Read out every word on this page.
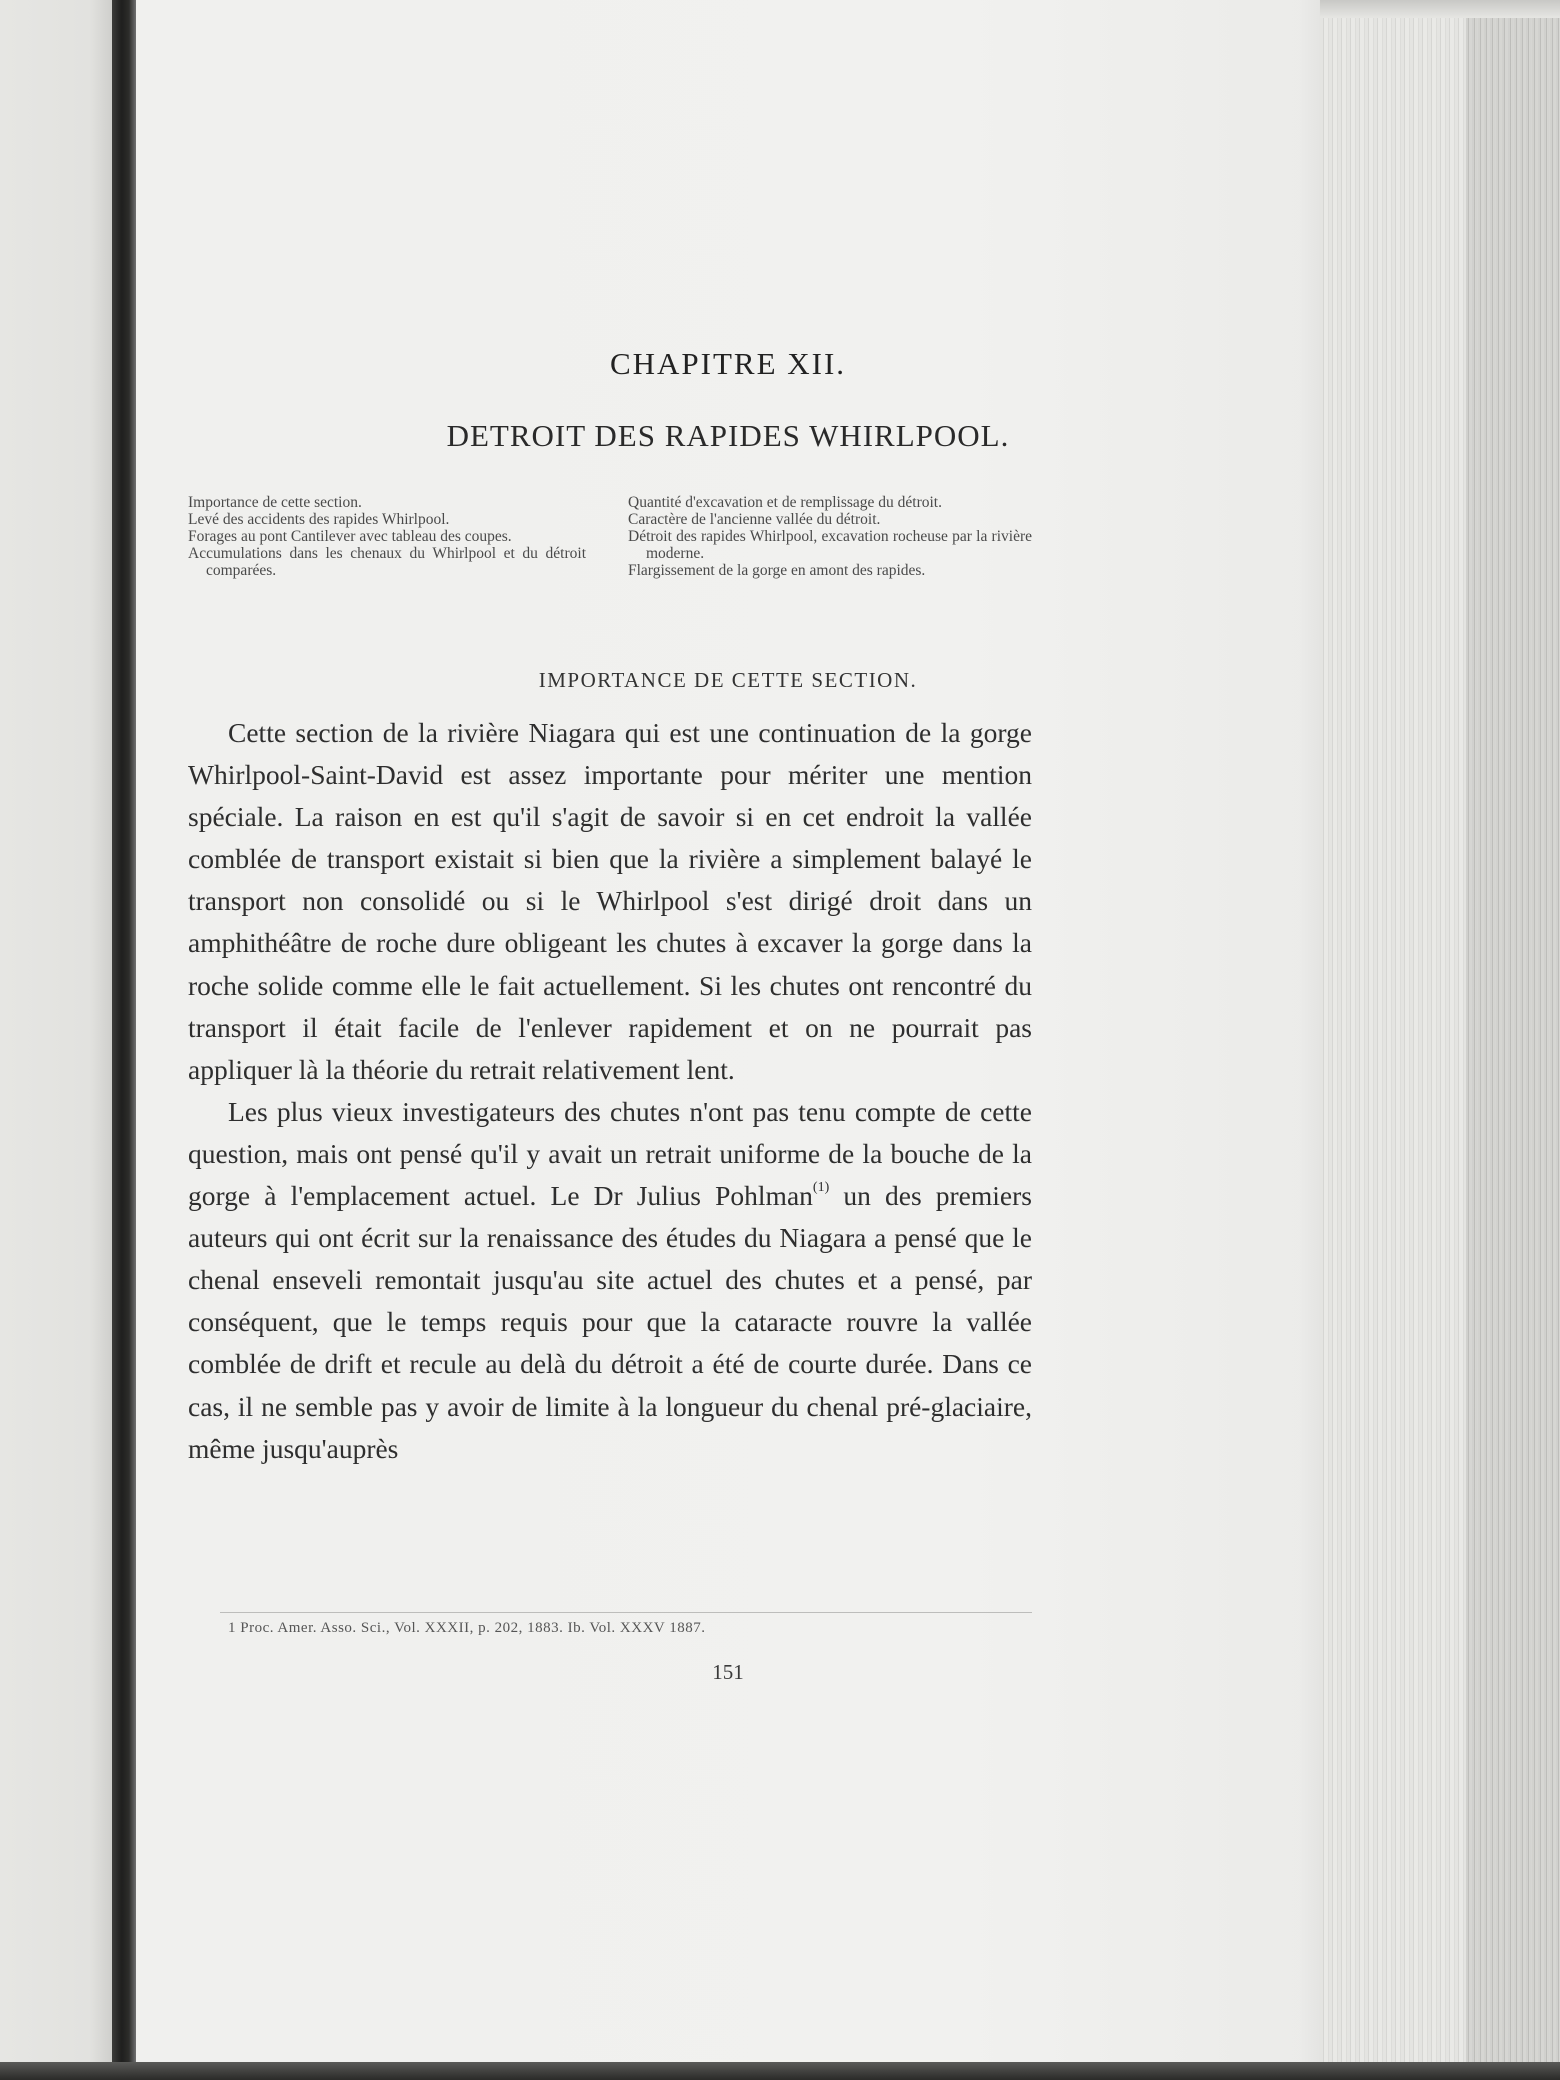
CHAPITRE XII.
DETROIT DES RAPIDES WHIRLPOOL.

Importance de cette section.

Levé des accidents des rapides Whirlpool.

Forages au pont Cantilever avec tableau des coupes.

Accumulations dans les chenaux du Whirlpool et du détroit comparées.

Quantité d'excavation et de remplissage du détroit.

Caractère de l'ancienne vallée du détroit.

Détroit des rapides Whirlpool, excavation rocheuse par la rivière moderne.

Flargissement de la gorge en amont des rapides.

IMPORTANCE DE CETTE SECTION.

Cette section de la rivière Niagara qui est une continuation de la gorge Whirlpool-Saint-David est assez importante pour mériter une mention spéciale. La raison en est qu'il s'agit de savoir si en cet endroit la vallée comblée de transport existait si bien que la rivière a simplement balayé le transport non consolidé ou si le Whirlpool s'est dirigé droit dans un amphithéâtre de roche dure obligeant les chutes à excaver la gorge dans la roche solide comme elle le fait actuellement. Si les chutes ont rencontré du transport il était facile de l'enlever rapidement et on ne pourrait pas appliquer là la théorie du retrait relativement lent.

Les plus vieux investigateurs des chutes n'ont pas tenu compte de cette question, mais ont pensé qu'il y avait un retrait uniforme de la bouche de la gorge à l'emplacement actuel. Le Dr Julius Pohlman$^{(1)}$ un des premiers auteurs qui ont écrit sur la renaissance des études du Niagara a pensé que le chenal enseveli remontait jusqu'au site actuel des chutes et a pensé, par conséquent, que le temps requis pour que la cataracte rouvre la vallée comblée de drift et recule au delà du détroit a été de courte durée. Dans ce cas, il ne semble pas y avoir de limite à la longueur du chenal pré-glaciaire, même jusqu'auprès

1 Proc. Amer. Asso. Sci., Vol. XXXII, p. 202, 1883. Ib. Vol. XXXV 1887.
151
